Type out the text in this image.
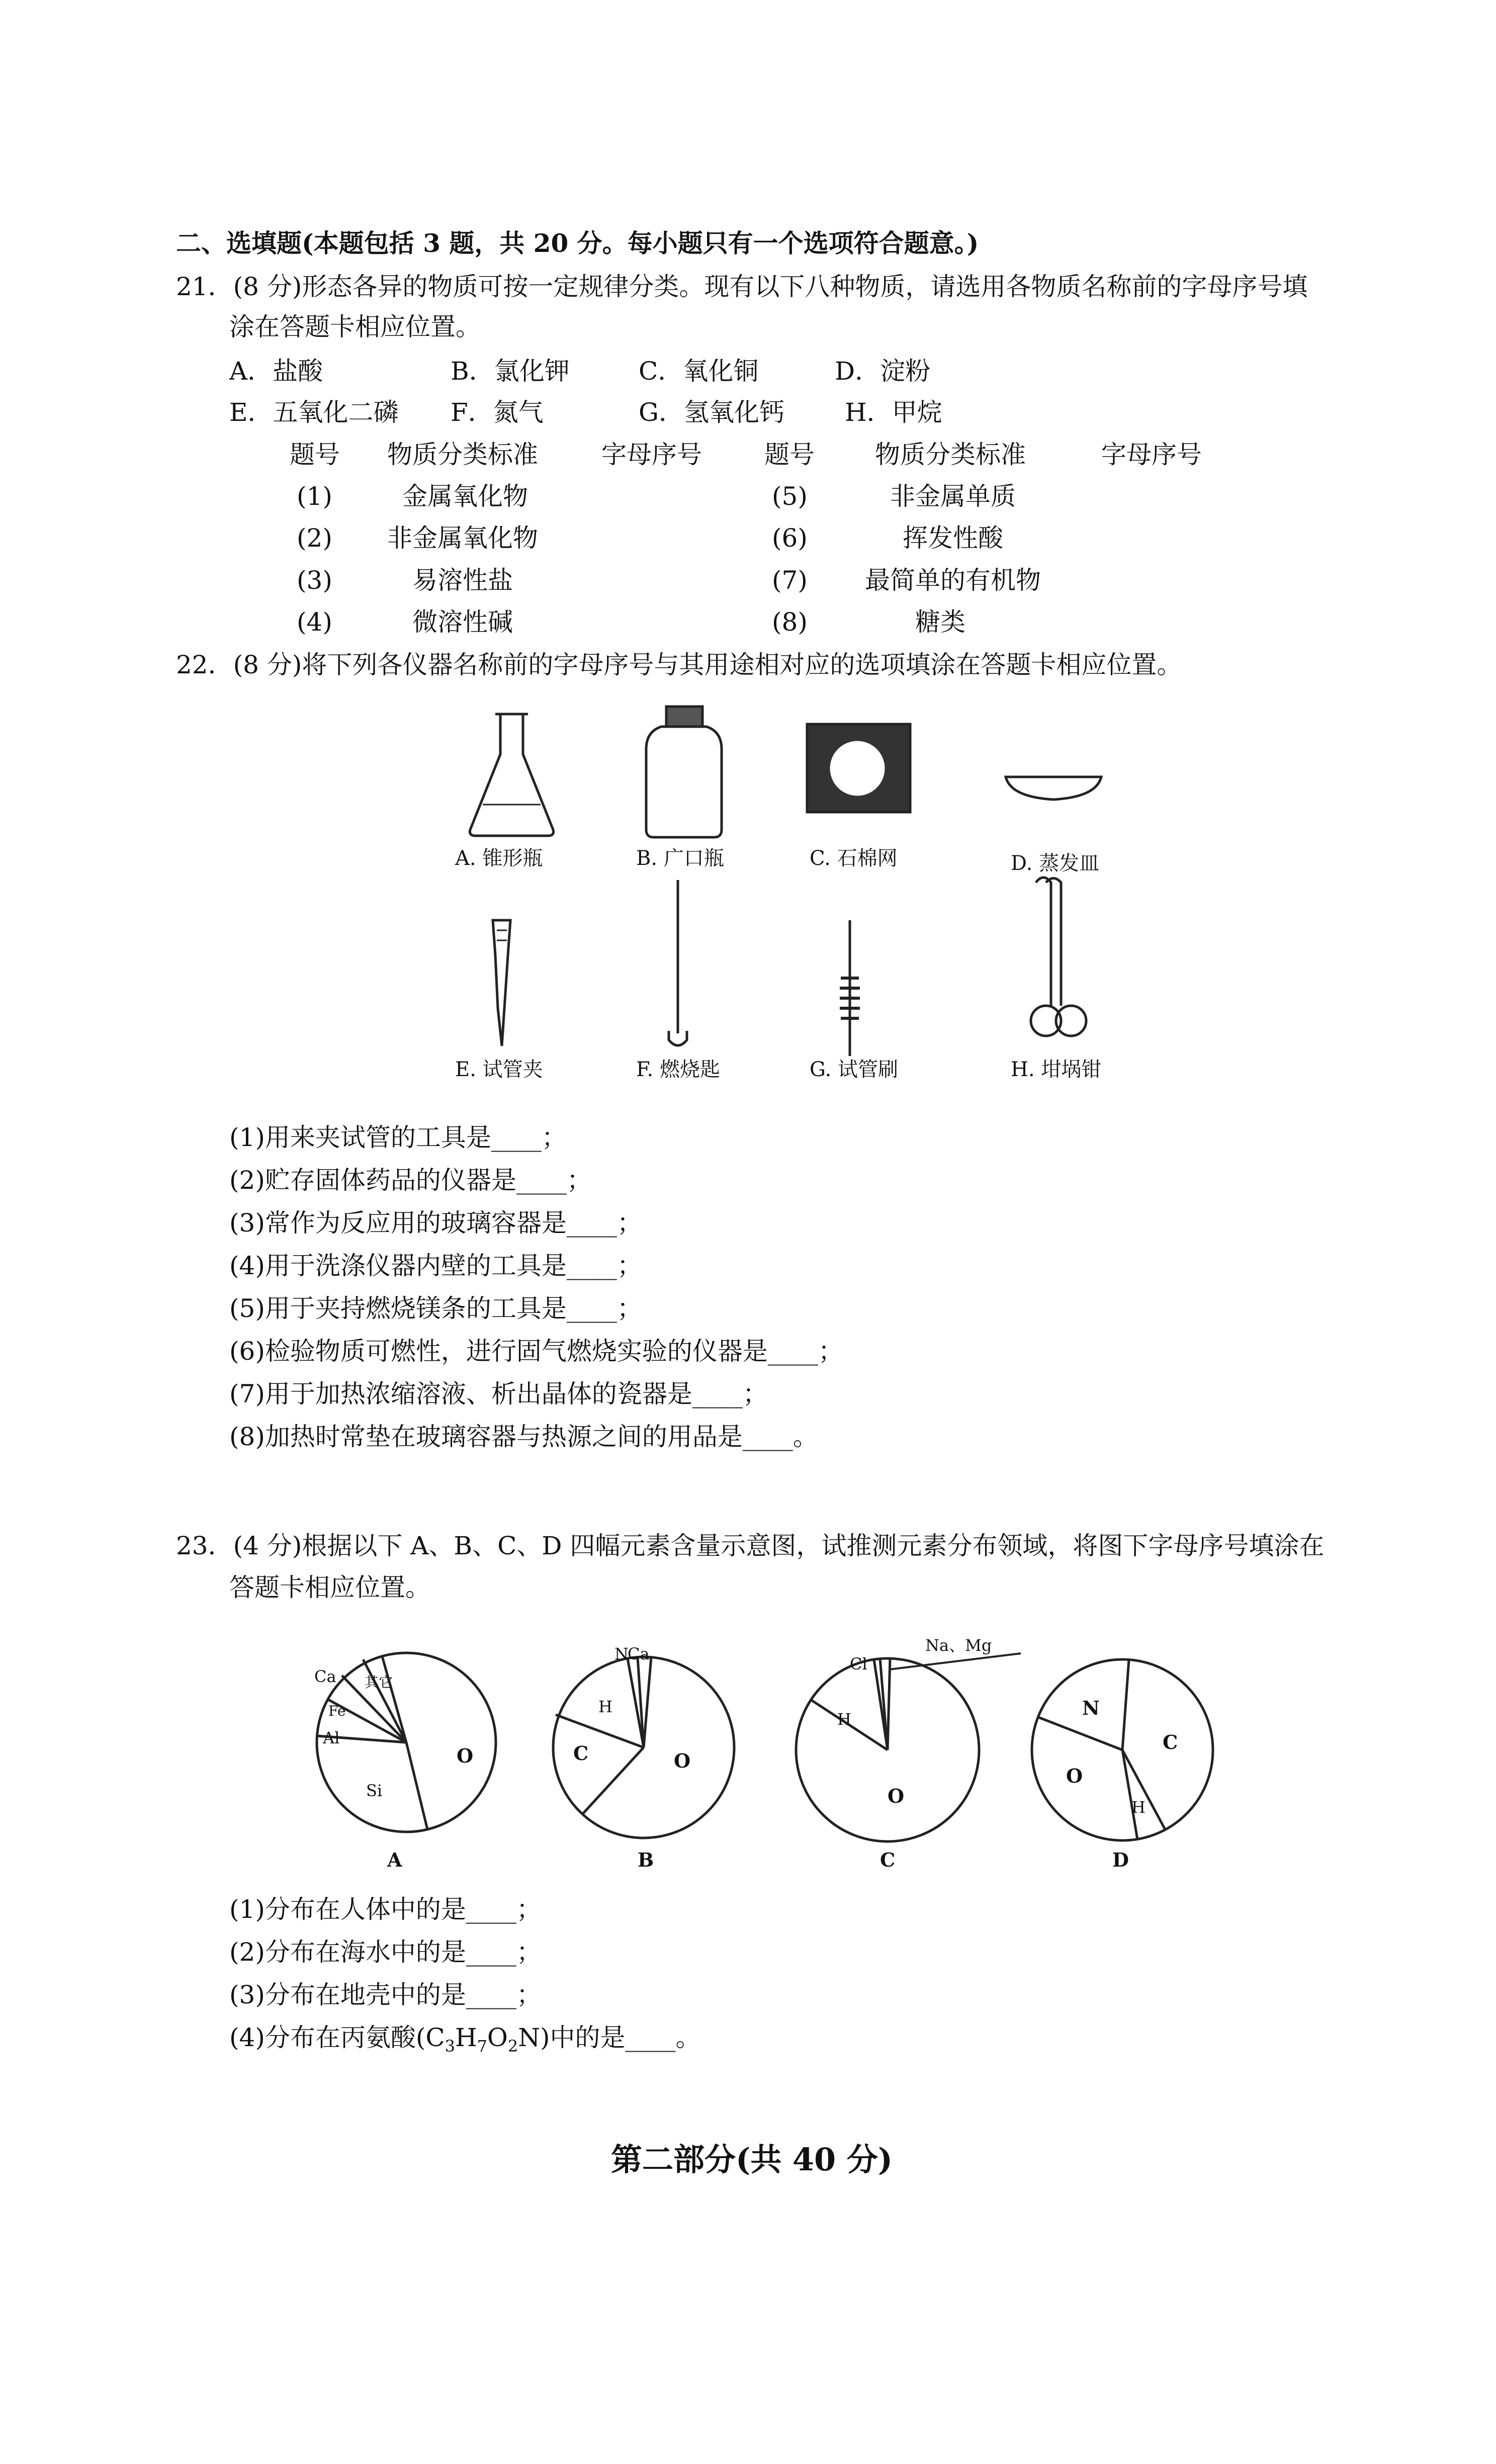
二、选填题(本题包括 3 题，共 20 分。每小题只有一个选项符合题意。)
21．(8 分)形态各异的物质可按一定规律分类。现有以下八种物质，请选用各物质名称前的字母序号填
涂在答题卡相应位置。
A．盐酸	B．氯化钾	C．氧化铜	D．淀粉
E．五氧化二磷 F．氮气	G．氢氧化钙 H．甲烷
题号 物质分类标准	字母序号 题号 物质分类标准	字母序号
(1)	金属氧化物	(5)	非金属单质
(2) 非金属氧化物	(6)	挥发性酸
(3)	易溶性盐	(7) 最简单的有机物
(4)	微溶性碱	(8)	糖类
22．(8 分)将下列各仪器名称前的字母序号与其用途相对应的选项填涂在答题卡相应位置。
A. 锥形瓶	B. 广口瓶	C. 石棉网	D. 蒸发皿
E. 试管夹	F. 燃烧匙	G. 试管刷	H. 坩埚钳
(1)用来夹试管的工具是____；
(2)贮存固体药品的仪器是____；
(3)常作为反应用的玻璃容器是____；
(4)用于洗涤仪器内壁的工具是____；
(5)用于夹持燃烧镁条的工具是____；
(6)检验物质可燃性，进行固气燃烧实验的仪器是____；
(7)用于加热浓缩溶液、析出晶体的瓷器是____；
(8)加热时常垫在玻璃容器与热源之间的用品是____。
23．(4 分)根据以下 A、B、C、D 四幅元素含量示意图，试推测元素分布领域，将图下字母序号填涂在
答题卡相应位置。
O
Si
Al
Fe
Ca 其它
A
O
C
H
N
Ca
B
O
H
Cl
Na、Mg
C
N
C
O
H
D
(1)分布在人体中的是____；
(2)分布在海水中的是____；
(3)分布在地壳中的是____；
(4)分布在丙氨酸$(C_3H_7O_2N)$中的是____。
第二部分(共 40 分)
